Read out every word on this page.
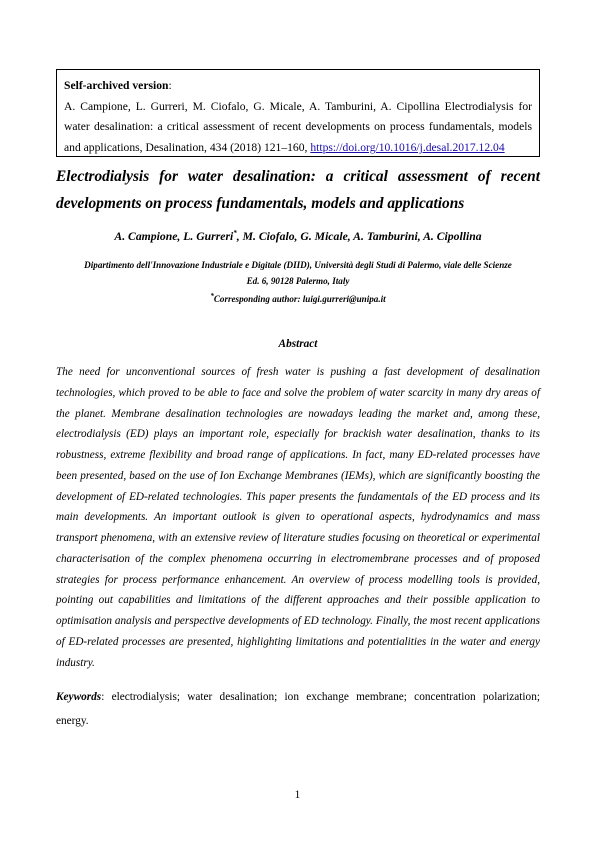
Self-archived version:
A. Campione, L. Gurreri, M. Ciofalo, G. Micale, A. Tamburini, A. Cipollina Electrodialysis for water desalination: a critical assessment of recent developments on process fundamentals, models and applications, Desalination, 434 (2018) 121–160, https://doi.org/10.1016/j.desal.2017.12.04
Electrodialysis for water desalination: a critical assessment of recent developments on process fundamentals, models and applications
A. Campione, L. Gurreri*, M. Ciofalo, G. Micale, A. Tamburini, A. Cipollina
Dipartimento dell'Innovazione Industriale e Digitale (DIID), Università degli Studi di Palermo, viale delle Scienze
Ed. 6, 90128 Palermo, Italy
*Corresponding author: luigi.gurreri@unipa.it
Abstract

The need for unconventional sources of fresh water is pushing a fast development of desalination technologies, which proved to be able to face and solve the problem of water scarcity in many dry areas of the planet. Membrane desalination technologies are nowadays leading the market and, among these, electrodialysis (ED) plays an important role, especially for brackish water desalination, thanks to its robustness, extreme flexibility and broad range of applications. In fact, many ED-related processes have been presented, based on the use of Ion Exchange Membranes (IEMs), which are significantly boosting the development of ED-related technologies. This paper presents the fundamentals of the ED process and its main developments. An important outlook is given to operational aspects, hydrodynamics and mass transport phenomena, with an extensive review of literature studies focusing on theoretical or experimental characterisation of the complex phenomena occurring in electromembrane processes and of proposed strategies for process performance enhancement. An overview of process modelling tools is provided, pointing out capabilities and limitations of the different approaches and their possible application to optimisation analysis and perspective developments of ED technology. Finally, the most recent applications of ED-related processes are presented, highlighting limitations and potentialities in the water and energy industry.

Keywords: electrodialysis; water desalination; ion exchange membrane; concentration polarization; energy.

1
